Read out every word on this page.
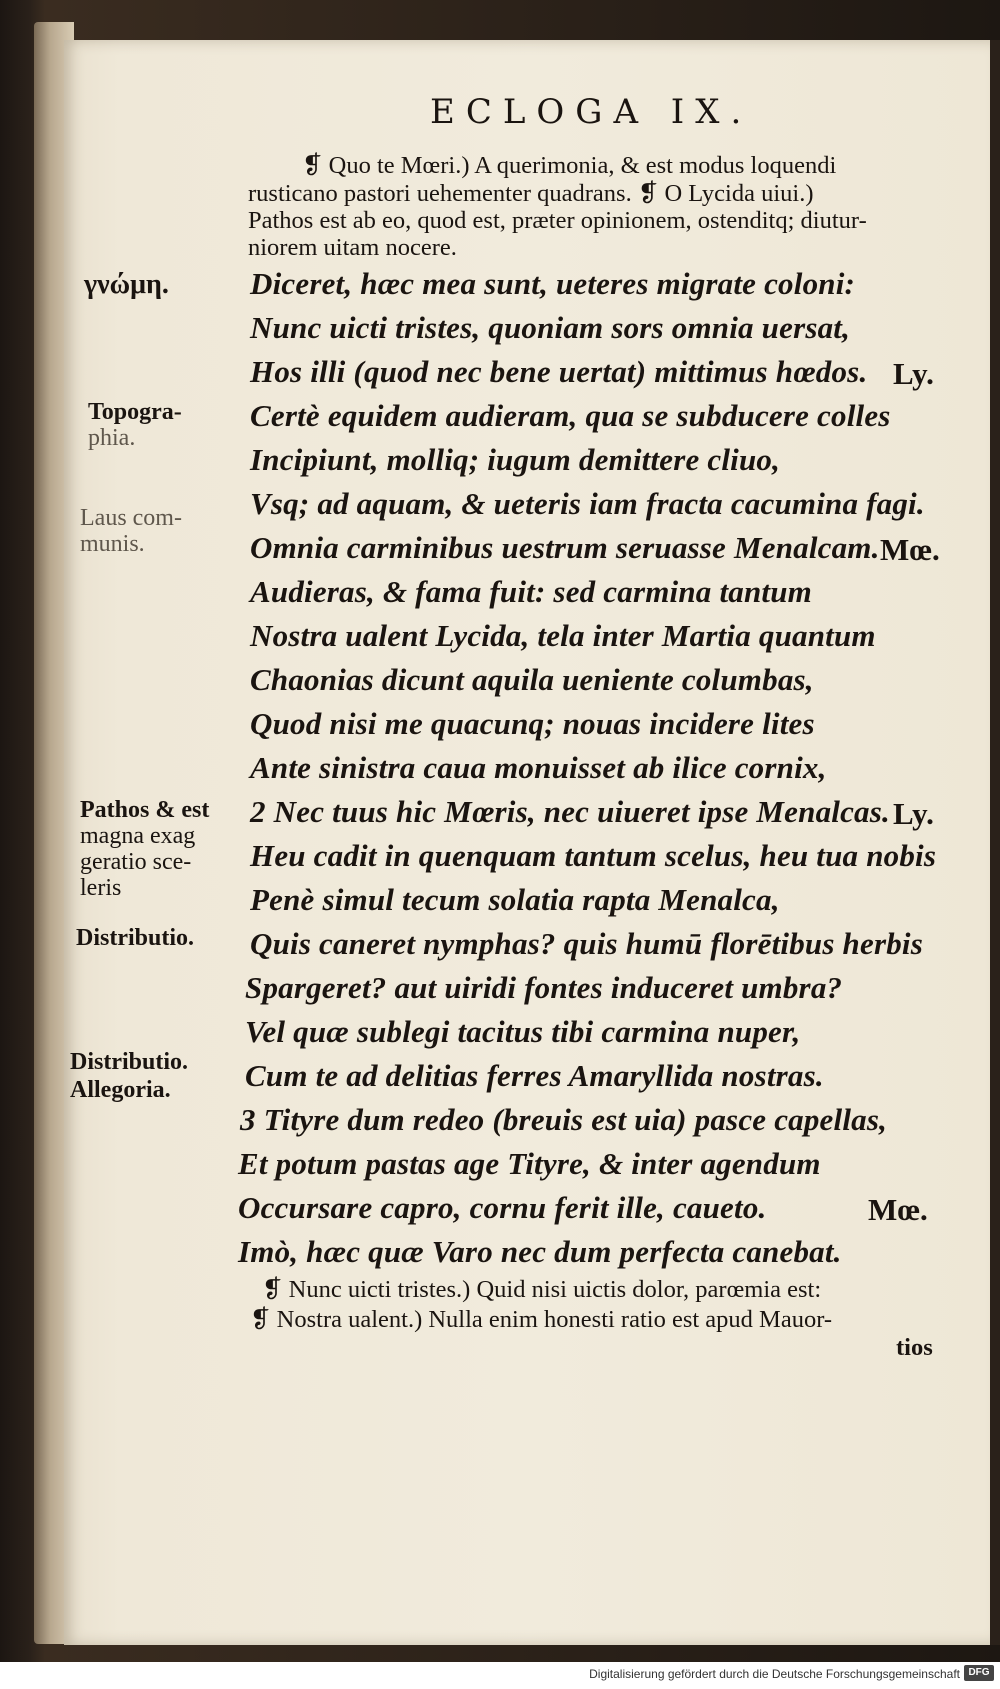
ECLOGA IX.
❡ Quo te Mœri.) A querimonia, & est modus loquendi
rusticano pastori uehementer quadrans. ❡ O Lycida uiui.)
Pathos est ab eo, quod est, præter opinionem, ostenditq; diutur-
niorem uitam nocere.
γνώμη.
Topogra-
phia.
Laus com-
munis.
Pathos & est
magna exag
geratio sce-
leris
Distributio.
Distributio.
Allegoria.
Diceret, hæc mea sunt, ueteres migrate coloni:
Nunc uicti tristes, quoniam sors omnia uersat,
Hos illi (quod nec bene uertat) mittimus hœdos. Ly.
Certè equidem audieram, qua se subducere colles
Incipiunt, molliq; iugum demittere cliuo,
Vsq; ad aquam, & ueteris iam fracta cacumina fagi.
Omnia carminibus uestrum seruasse Menalcam. Mœ.
Audieras, & fama fuit: sed carmina tantum
Nostra ualent Lycida, tela inter Martia quantum
Chaonias dicunt aquila ueniente columbas,
Quod nisi me quacunq; nouas incidere lites
Ante sinistra caua monuisset ab ilice cornix,
2 Nec tuus hic Mœris, nec uiueret ipse Menalcas. Ly.
Heu cadit in quenquam tantum scelus, heu tua nobis
Penè simul tecum solatia rapta Menalca,
Quis caneret nymphas? quis humū florētibus herbis
Spargeret? aut uiridi fontes induceret umbra?
Vel quæ sublegi tacitus tibi carmina nuper,
Cum te ad delitias ferres Amaryllida nostras.
3 Tityre dum redeo (breuis est uia) pasce capellas,
Et potum pastas age Tityre, & inter agendum
Occursare capro, cornu ferit ille, caueto.	Mœ.
Imò, hæc quæ Varo nec dum perfecta canebat.
❡ Nunc uicti tristes.) Quid nisi uictis dolor, parœmia est:
❡ Nostra ualent.) Nulla enim honesti ratio est apud Mauor-
tios
Digitalisierung gefördert durch die Deutsche Forschungsgemeinschaft DFG
